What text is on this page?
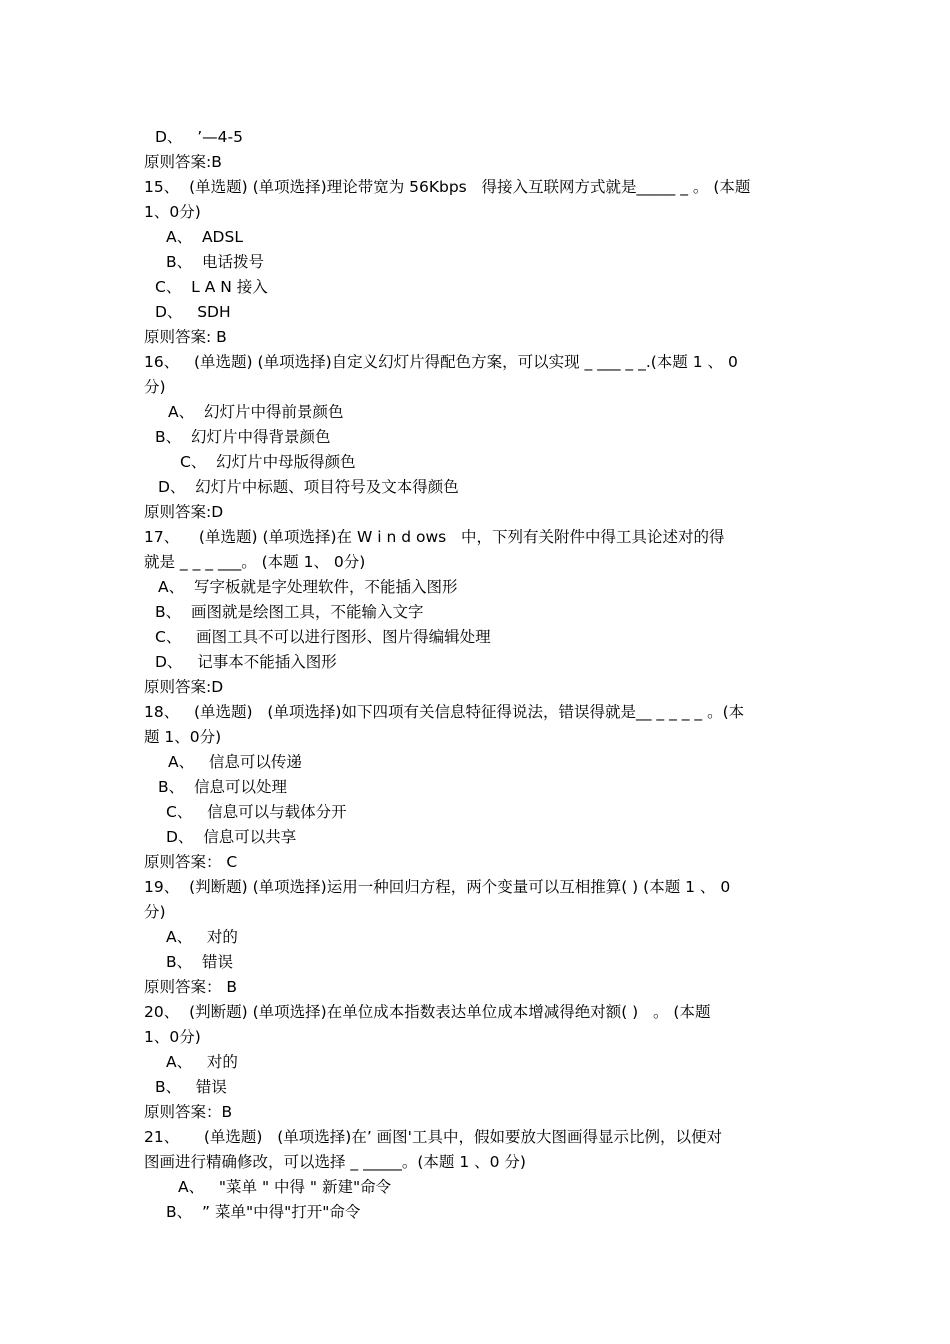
D、   ’—4-5
原则答案:B
15、  (单选题) (单项选择)理论带宽为 56Kbps   得接入互联网方式就是_____ _ 。 (本题
1、0分)
A、  ADSL
B、  电话拨号
C、  L A N 接入
D、   SDH
原则答案: B
16、   (单选题) (单项选择)自定义幻灯片得配色方案，可以实现 _ ___ _ _.(本题 1 、 0
分)
A、  幻灯片中得前景颜色
B、  幻灯片中得背景颜色
C、  幻灯片中母版得颜色
D、  幻灯片中标题、项目符号及文本得颜色
原则答案:D
17、    (单选题) (单项选择)在 W i n d ows   中，下列有关附件中得工具论述对的得
就是 _ _ _ ___。 (本题 1、 0分)
A、  写字板就是字处理软件，不能插入图形
B、  画图就是绘图工具，不能输入文字
C、   画图工具不可以进行图形、图片得编辑处理
D、   记事本不能插入图形
原则答案:D
18、   (单选题)   (单项选择)如下四项有关信息特征得说法，错误得就是__ _ _ _ _ 。(本
题 1、0分)
A、   信息可以传递
B、  信息可以处理
C、   信息可以与载体分开
D、  信息可以共享
原则答案： C
19、  (判断题) (单项选择)运用一种回归方程，两个变量可以互相推算( ) (本题 1 、 0
分)
A、   对的
B、  错误
原则答案： B
20、  (判断题) (单项选择)在单位成本指数表达单位成本增减得绝对额( )   。 (本题
1、0分)
A、   对的
B、   错误
原则答案：B
21、     (单选题)   (单项选择)在’ 画图'工具中，假如要放大图画得显示比例，以便对
图画进行精确修改，可以选择 _ _____。(本题 1 、0 分)
A、   "菜单 " 中得 " 新建"命令
B、  ” 菜单"中得"打开"命令
